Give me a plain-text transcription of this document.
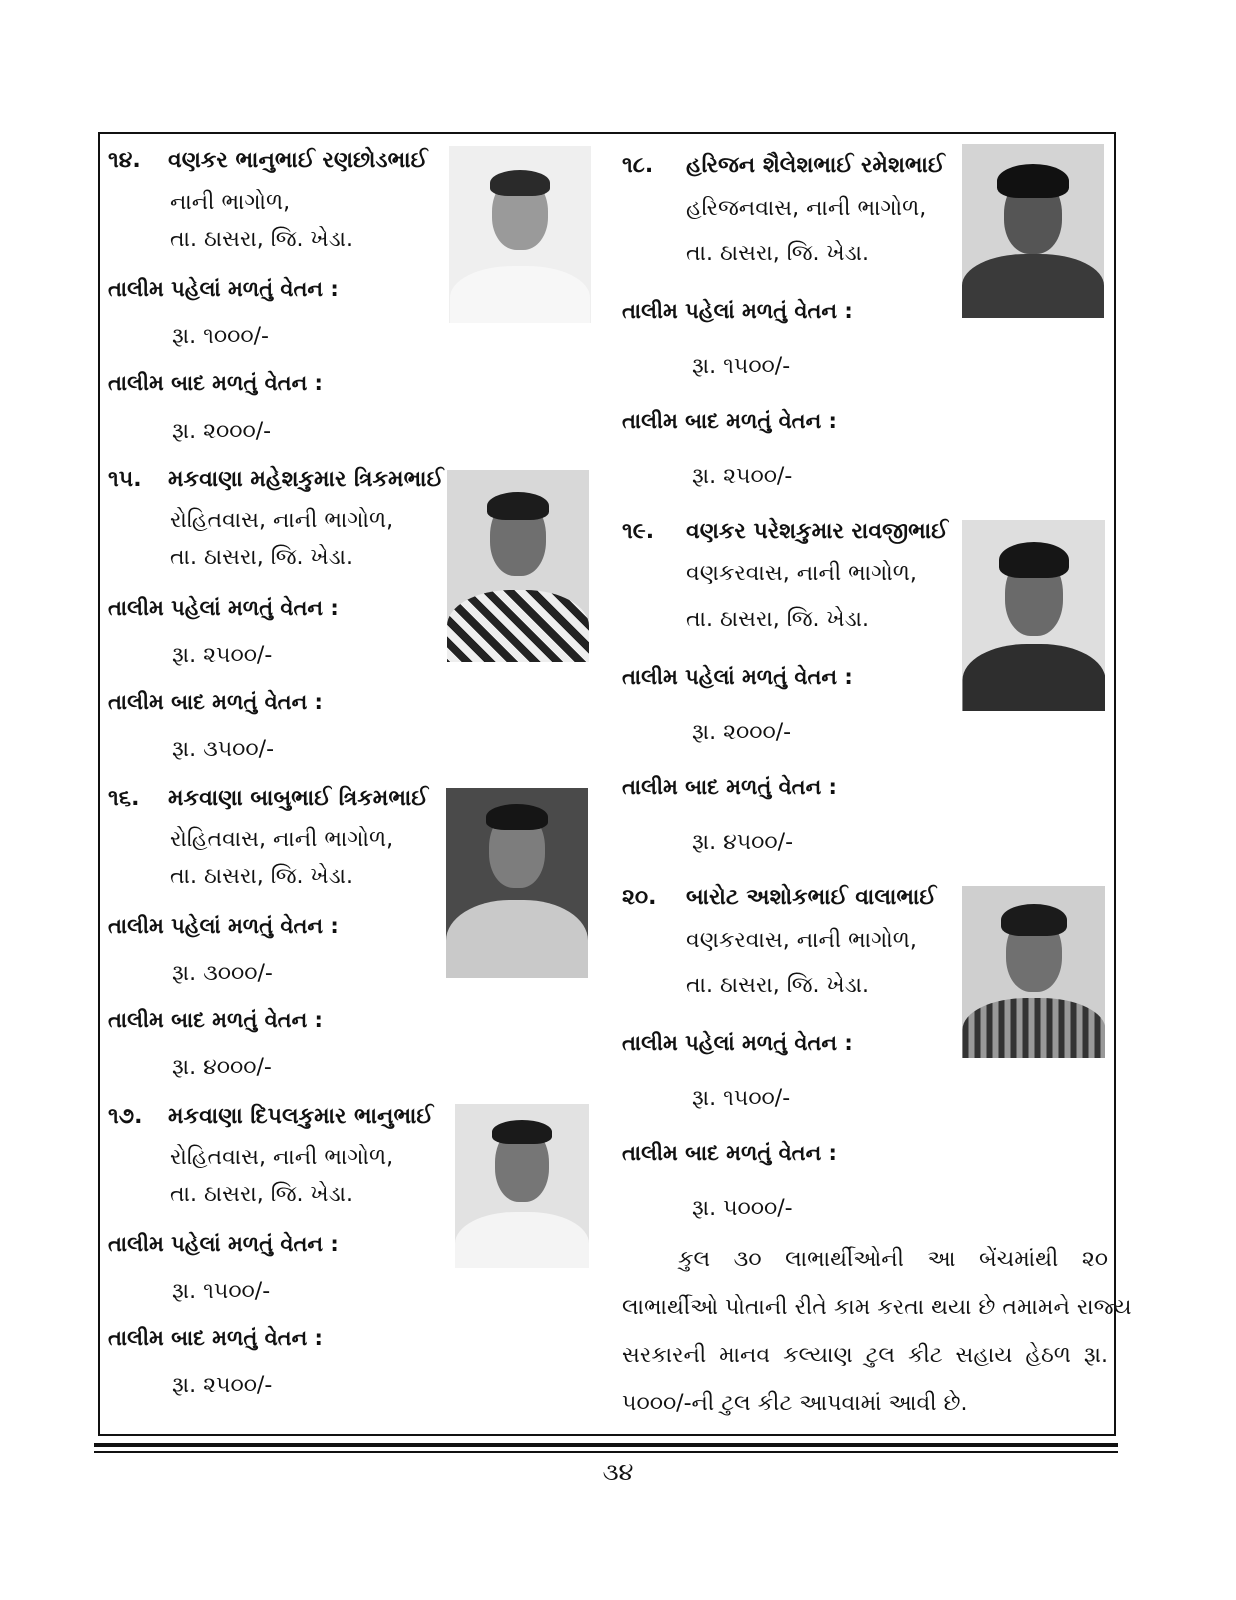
૧૪. વણકર ભાનુભાઈ રણછોડભાઈ
નાની ભાગોળ,
તા. ઠાસરા, જિ. ખેડા.
તાલીમ પહેલાં મળતું વેતન :
રૂા. ૧૦૦૦/-
તાલીમ બાદ મળતું વેતન :
રૂા. ૨૦૦૦/-
૧૫. મકવાણા મહેશકુમાર ત્રિકમભાઈ
રોહિતવાસ, નાની ભાગોળ,
તા. ઠાસરા, જિ. ખેડા.
તાલીમ પહેલાં મળતું વેતન :
રૂા. ૨૫૦૦/-
તાલીમ બાદ મળતું વેતન :
રૂા. ૩૫૦૦/-
૧૬. મકવાણા બાબુભાઈ ત્રિકમભાઈ
રોહિતવાસ, નાની ભાગોળ,
તા. ઠાસરા, જિ. ખેડા.
તાલીમ પહેલાં મળતું વેતન :
રૂા. ૩૦૦૦/-
તાલીમ બાદ મળતું વેતન :
રૂા. ૪૦૦૦/-
૧૭. મકવાણા દિપલકુમાર ભાનુભાઈ
રોહિતવાસ, નાની ભાગોળ,
તા. ઠાસરા, જિ. ખેડા.
તાલીમ પહેલાં મળતું વેતન :
રૂા. ૧૫૦૦/-
તાલીમ બાદ મળતું વેતન :
રૂા. ૨૫૦૦/-
૧૮. હરિજન શૈલેશભાઈ રમેશભાઈ
હરિજનવાસ, નાની ભાગોળ,
તા. ઠાસરા, જિ. ખેડા.
તાલીમ પહેલાં મળતું વેતન :
રૂા. ૧૫૦૦/-
તાલીમ બાદ મળતું વેતન :
રૂા. ૨૫૦૦/-
૧૯. વણકર પરેશકુમાર રાવજીભાઈ
વણકરવાસ, નાની ભાગોળ,
તા. ઠાસરા, જિ. ખેડા.
તાલીમ પહેલાં મળતું વેતન :
રૂા. ૨૦૦૦/-
તાલીમ બાદ મળતું વેતન :
રૂા. ૪૫૦૦/-
૨૦. બારોટ અશોકભાઈ વાલાભાઈ
વણકરવાસ, નાની ભાગોળ,
તા. ઠાસરા, જિ. ખેડા.
તાલીમ પહેલાં મળતું વેતન :
રૂા. ૧૫૦૦/-
તાલીમ બાદ મળતું વેતન :
રૂા. ૫૦૦૦/-
કુલ ૩૦ લાભાર્થીઓની આ બેંચમાંથી ૨૦
લાભાર્થીઓ પોતાની રીતે કામ કરતા થયા છે તમામને રાજ્ય
સરકારની માનવ કલ્યાણ ટુલ કીટ સહાય હેઠળ રૂા.
૫૦૦૦/-ની ટુલ કીટ આપવામાં આવી છે.
૩૪
